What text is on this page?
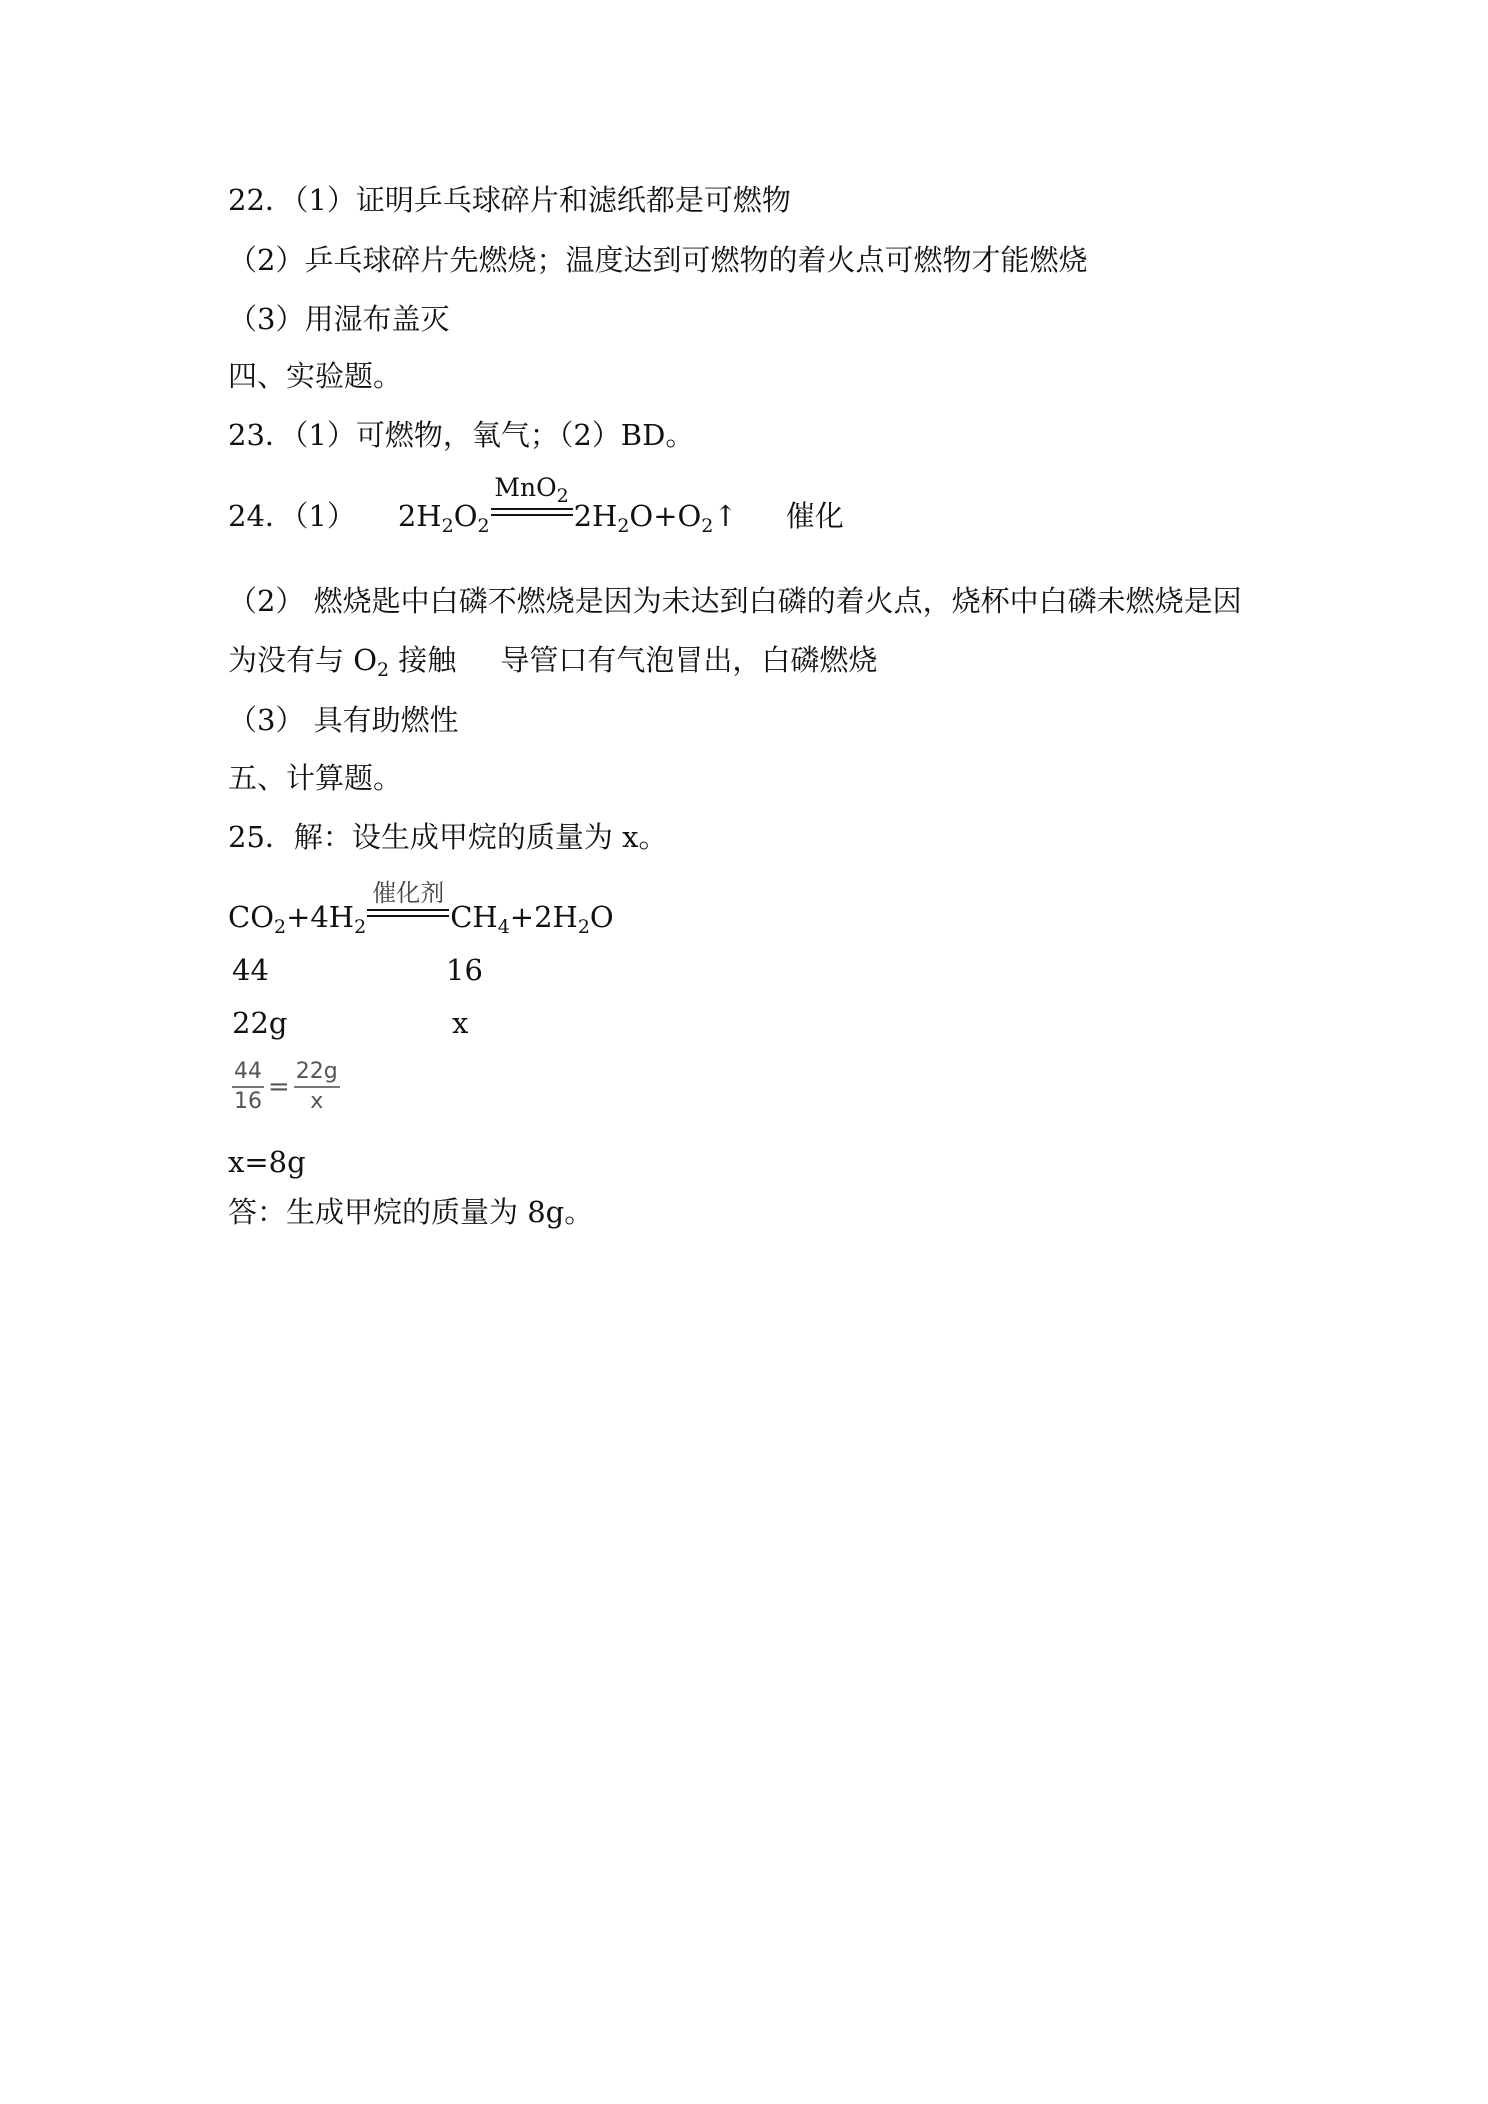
22．（1）证明乒乓球碎片和滤纸都是可燃物
（2）乒乓球碎片先燃烧；温度达到可燃物的着火点可燃物才能燃烧
（3）用湿布盖灭
四、实验题。
23．（1）可燃物，氧气；（2）BD。
24．（1） $2H_2O_2$
MnO$_2$
$2H_2O+O_2↑$ 催化
（2） 燃烧匙中白磷不燃烧是因为未达到白磷的着火点，烧杯中白磷未燃烧是因
为没有与 $O_2$ 接触 导管口有气泡冒出，白磷燃烧
（3） 具有助燃性
五、计算题。
25．解：设生成甲烷的质量为 x。
$CO_2+4H_2$
催化剂
$CH_4+2H_2O$
44	16
22g	x
$\frac{44}{16} = \frac{22g}{x}$
x=8g
答：生成甲烷的质量为 8g。
